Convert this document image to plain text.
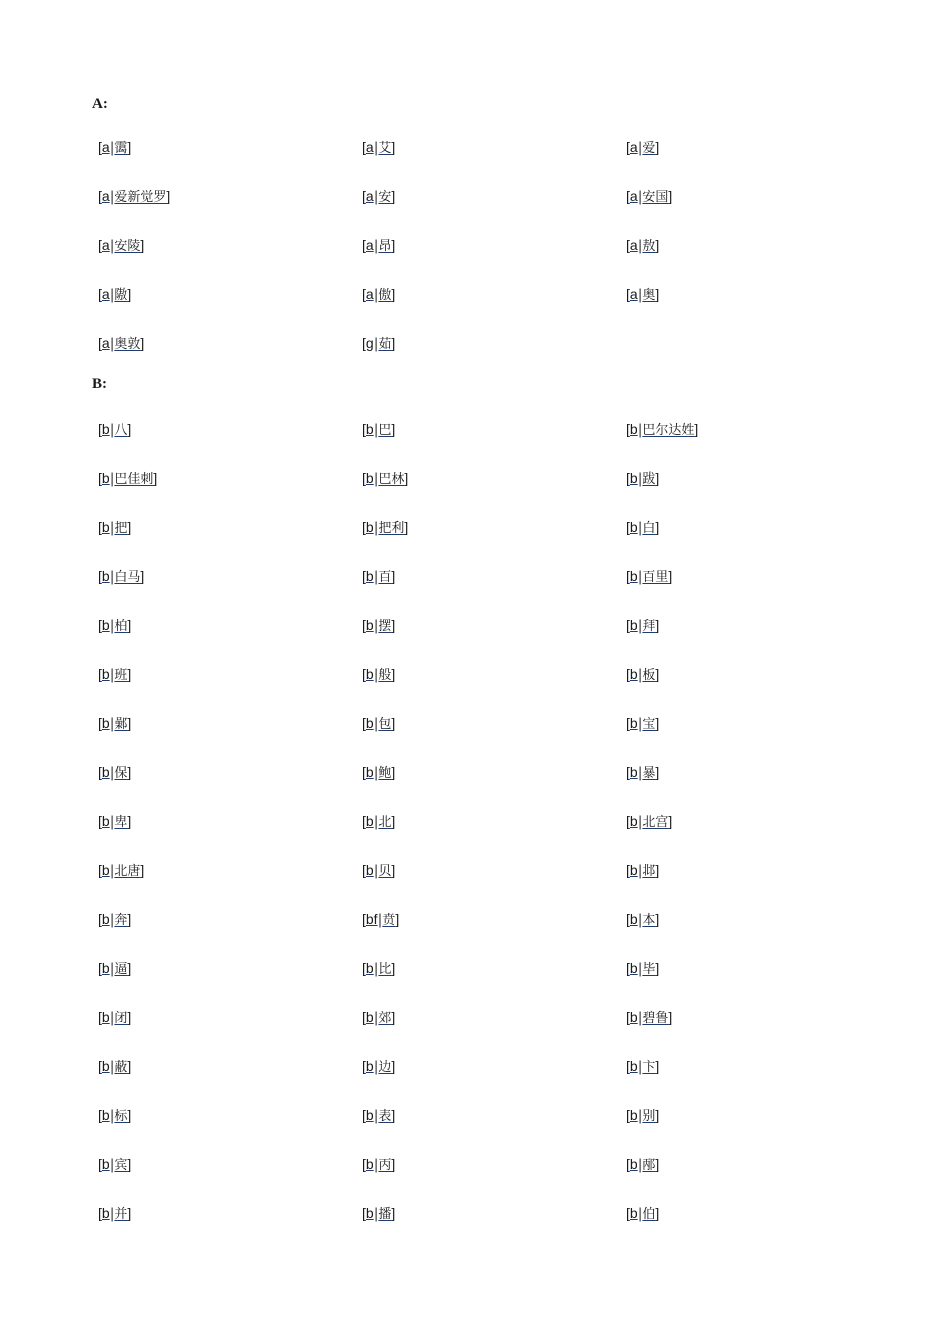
A:
[a|霭]	[a|艾]	[a|爱]
[a|爱新觉罗]	[a|安]	[a|安国]
[a|安陵]	[a|昂]	[a|敖]
[a|隞]	[a|傲]	[a|奥]
[a|奥敦]	[g|茹]
B:
[b|八]	[b|巴]	[b|巴尔达姓]
[b|巴佳刺]	[b|巴林]	[b|跋]
[b|把]	[b|把利]	[b|白]
[b|白马]	[b|百]	[b|百里]
[b|柏]	[b|摆]	[b|拜]
[b|班]	[b|般]	[b|板]
[b|鄵]	[b|包]	[b|宝]
[b|保]	[b|鲍]	[b|暴]
[b|卑]	[b|北]	[b|北宫]
[b|北唐]	[b|贝]	[b|邶]
[b|奔]	[bf|贲]	[b|本]
[b|逼]	[b|比]	[b|毕]
[b|闭]	[b|郊]	[b|碧鲁]
[b|蔽]	[b|边]	[b|卞]
[b|标]	[b|表]	[b|别]
[b|宾]	[b|丙]	[b|邴]
[b|并]	[b|播]	[b|伯]
